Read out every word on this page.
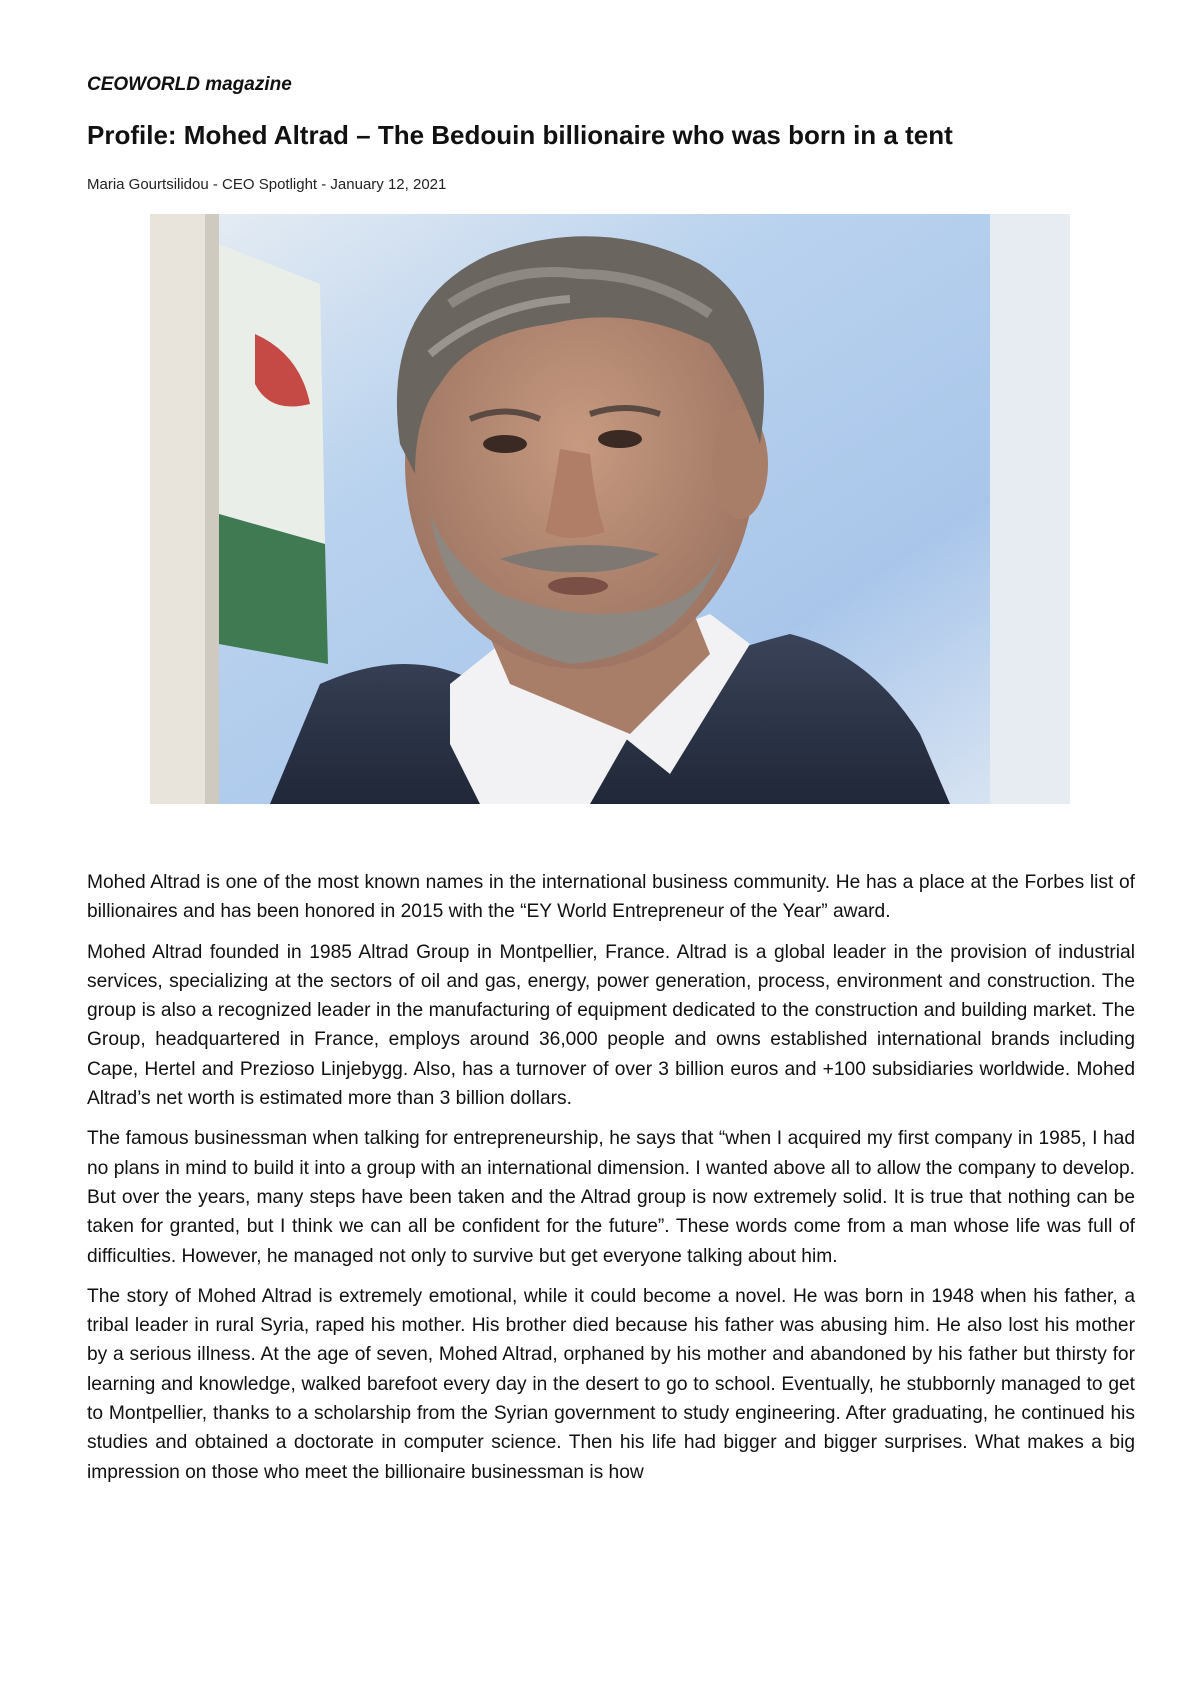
CEOWORLD magazine
Profile: Mohed Altrad – The Bedouin billionaire who was born in a tent
Maria Gourtsilidou - CEO Spotlight - January 12, 2021

Mohed Altrad is one of the most known names in the international business community. He has a place at the Forbes list of billionaires and has been honored in 2015 with the “EY World Entrepreneur of the Year” award.

Mohed Altrad founded in 1985 Altrad Group in Montpellier, France. Altrad is a global leader in the provision of industrial services, specializing at the sectors of oil and gas, energy, power generation, process, environment and construction. The group is also a recognized leader in the manufacturing of equipment dedicated to the construction and building market. The Group, headquartered in France, employs around 36,000 people and owns established international brands including Cape, Hertel and Prezioso Linjebygg. Also, has a turnover of over 3 billion euros and +100 subsidiaries worldwide. Mohed Altrad’s net worth is estimated more than 3 billion dollars.

The famous businessman when talking for entrepreneurship, he says that “when I acquired my first company in 1985, I had no plans in mind to build it into a group with an international dimension. I wanted above all to allow the company to develop. But over the years, many steps have been taken and the Altrad group is now extremely solid. It is true that nothing can be taken for granted, but I think we can all be confident for the future”. These words come from a man whose life was full of difficulties. However, he managed not only to survive but get everyone talking about him.

The story of Mohed Altrad is extremely emotional, while it could become a novel. He was born in 1948 when his father, a tribal leader in rural Syria, raped his mother. His brother died because his father was abusing him. He also lost his mother by a serious illness. At the age of seven, Mohed Altrad, orphaned by his mother and abandoned by his father but thirsty for learning and knowledge, walked barefoot every day in the desert to go to school. Eventually, he stubbornly managed to get to Montpellier, thanks to a scholarship from the Syrian government to study engineering. After graduating, he continued his studies and obtained a doctorate in computer science. Then his life had bigger and bigger surprises. What makes a big impression on those who meet the billionaire businessman is how
